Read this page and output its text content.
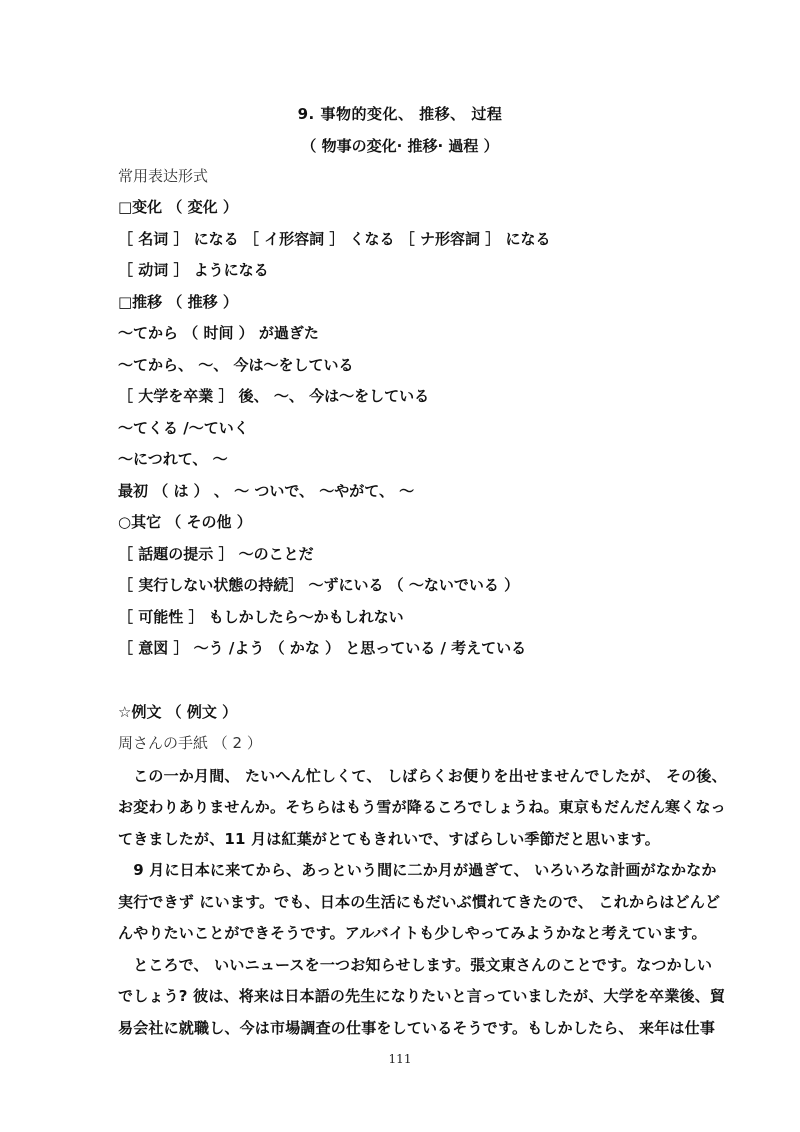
9. 事物的变化、 推移、 过程
（ 物事の変化· 推移· 過程 ）
常用表达形式
□变化 （ 変化 ）
［ 名词 ］ になる ［ イ形容詞 ］ くなる ［ ナ形容詞 ］ になる
［ 动词 ］ ようになる
□推移 （ 推移 ）
～てから （ 时间 ） が過ぎた
～てから、 ～、 今は～をしている
［ 大学を卒業 ］ 後、 ～、 今は～をしている
～てくる /～ていく
～につれて、 ～
最初 （ は ） 、 ～ ついで、 ～やがて、 ～
○其它 （ その他 ）
［ 話題の提示 ］ ～のことだ
［ 実行しない状態の持続］ ～ずにいる （ ～ないでいる ）
［ 可能性 ］ もしかしたら～かもしれない
［ 意図 ］ ～う /よう （ かな ） と思っている / 考えている
☆例文 （ 例文 ）
周さんの手紙 （ 2 ）
　この一か月間、 たいへん忙しくて、 しばらくお便りを出せませんでしたが、 その後、
お変わりありませんか。そちらはもう雪が降るころでしょうね。東京もだんだん寒くなっ
てきましたが、11 月は紅葉がとてもきれいで、すばらしい季節だと思います。
　9 月に日本に来てから、あっという間に二か月が過ぎて、 いろいろな計画がなかなか
実行できず にいます。でも、日本の生活にもだいぶ慣れてきたので、 これからはどんど
んやりたいことができそうです。アルバイトも少しやってみようかなと考えています。
　ところで、 いいニュースを一つお知らせします。張文東さんのことです。なつかしい
でしょう? 彼は、将来は日本語の先生になりたいと言っていましたが、大学を卒業後、貿
易会社に就職し、今は市場調査の仕事をしているそうです。もしかしたら、 来年は仕事
111
